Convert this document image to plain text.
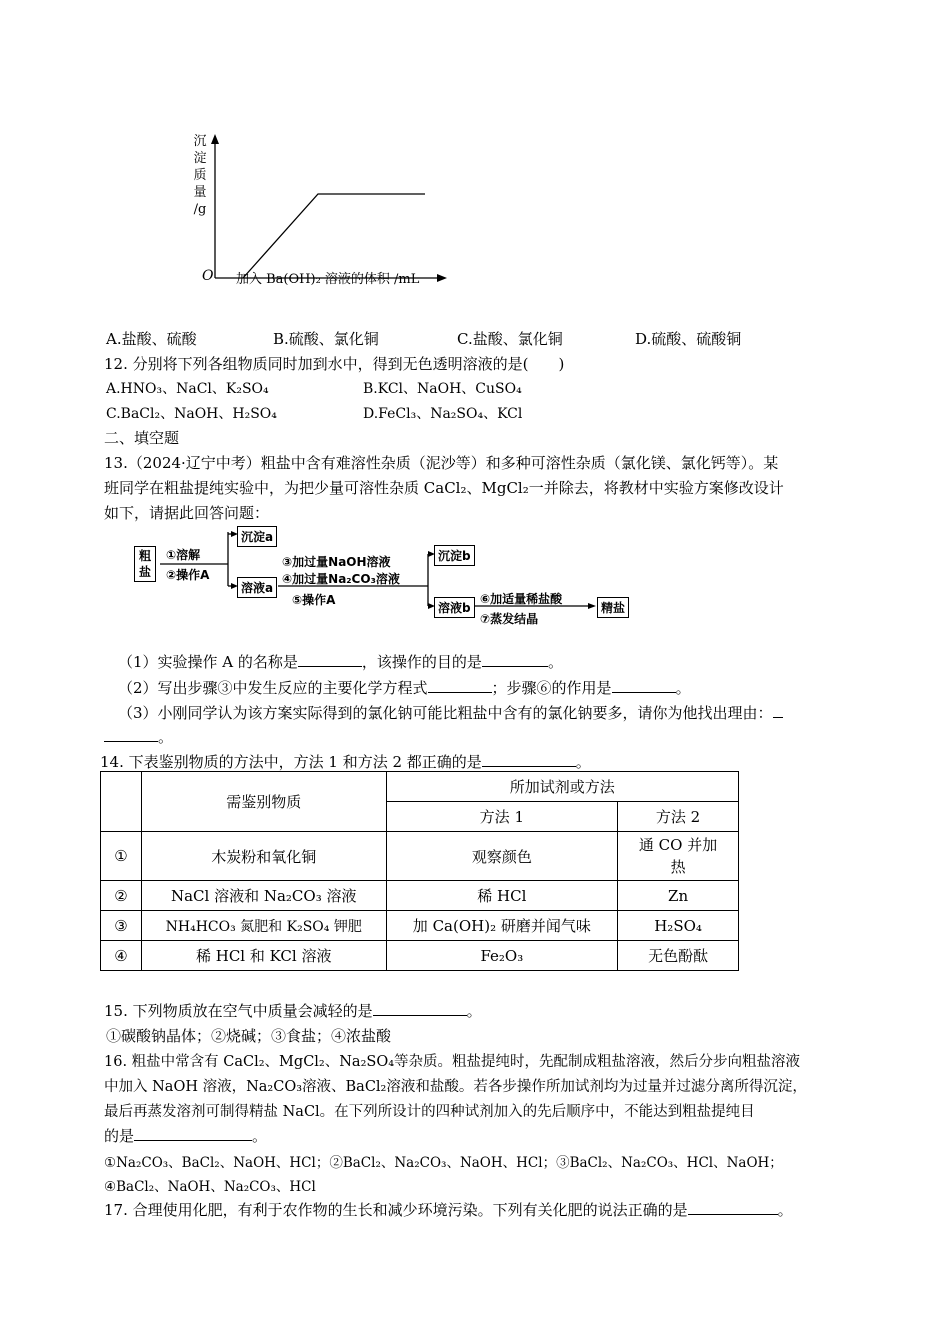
沉
淀
质
量
/g
O 加入 Ba(OH)₂ 溶液的体积 /mL
A.盐酸、硫酸	B.硫酸、氯化铜	C.盐酸、氯化铜	D.硫酸、硫酸铜
12. 分别将下列各组物质同时加到水中，得到无色透明溶液的是(　　)
A.HNO₃、NaCl、K₂SO₄	B.KCl、NaOH、CuSO₄
C.BaCl₂、NaOH、H₂SO₄	D.FeCl₃、Na₂SO₄、KCl
二、填空题
13.（2024·辽宁中考）粗盐中含有难溶性杂质（泥沙等）和多种可溶性杂质（氯化镁、氯化钙等）。某
班同学在粗盐提纯实验中，为把少量可溶性杂质 CaCl₂、MgCl₂一并除去，将教材中实验方案修改设计
如下，请据此回答问题：
粗
盐
①溶解
②操作A
沉淀a
溶液a
③加过量NaOH溶液
④加过量Na₂CO₃溶液
⑤操作A
沉淀b
溶液b
⑥加适量稀盐酸
⑦蒸发结晶
精盐
（1）实验操作 A 的名称是	，该操作的目的是	。
（2）写出步骤③中发生反应的主要化学方程式	；步骤⑥的作用是	。
（3）小刚同学认为该方案实际得到的氯化钠可能比粗盐中含有的氯化钠要多，请你为他找出理由：
。
14. 下表鉴别物质的方法中，方法 1 和方法 2 都正确的是	。
	需鉴别物质	所加试剂或方法	
		方法 1	方法 2
①	木炭粉和氧化铜	观察颜色	通 CO 并加热
②	NaCl 溶液和 Na₂CO₃ 溶液	稀 HCl	Zn
③	NH₄HCO₃ 氮肥和 K₂SO₄ 钾肥	加 Ca(OH)₂ 研磨并闻气味	H₂SO₄
④	稀 HCl 和 KCl 溶液	Fe₂O₃	无色酚酞
15. 下列物质放在空气中质量会减轻的是	。
①碳酸钠晶体；②烧碱；③食盐；④浓盐酸
16. 粗盐中常含有 CaCl₂、MgCl₂、Na₂SO₄等杂质。粗盐提纯时，先配制成粗盐溶液，然后分步向粗盐溶液
中加入 NaOH 溶液，Na₂CO₃溶液、BaCl₂溶液和盐酸。若各步操作所加试剂均为过量并过滤分离所得沉淀，
最后再蒸发溶剂可制得精盐 NaCl。在下列所设计的四种试剂加入的先后顺序中，不能达到粗盐提纯目
的是	。
①Na₂CO₃、BaCl₂、NaOH、HCl；②BaCl₂、Na₂CO₃、NaOH、HCl；③BaCl₂、Na₂CO₃、HCl、NaOH；
④BaCl₂、NaOH、Na₂CO₃、HCl
17. 合理使用化肥，有利于农作物的生长和减少环境污染。下列有关化肥的说法正确的是	。
